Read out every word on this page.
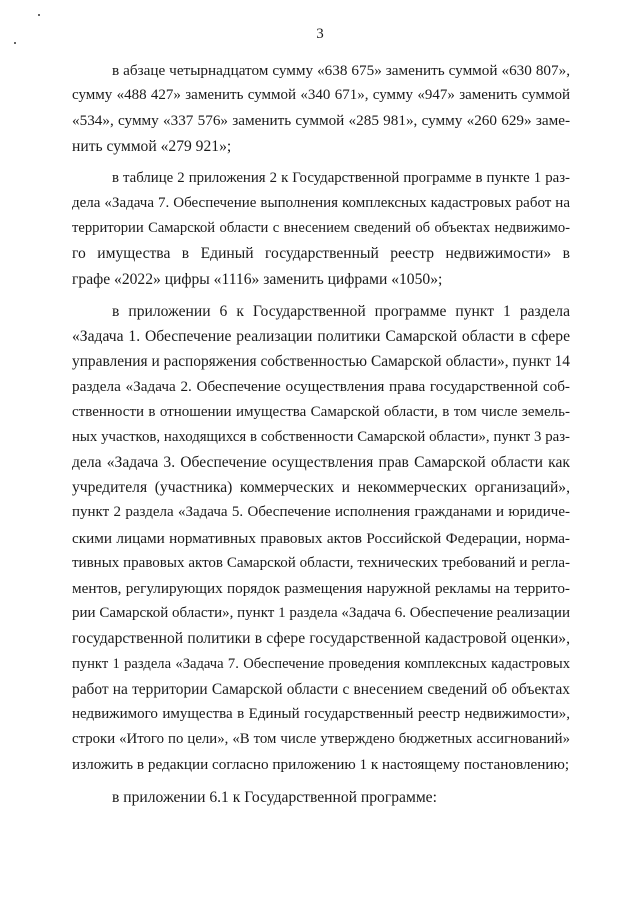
3

в абзаце четырнадцатом сумму «638 675» заменить суммой «630 807»,
сумму «488 427» заменить суммой «340 671», сумму «947» заменить суммой
«534», сумму «337 576» заменить суммой «285 981», сумму «260 629» заме-
нить суммой «279 921»;

в таблице 2 приложения 2 к Государственной программе в пункте 1 раз-
дела «Задача 7. Обеспечение выполнения комплексных кадастровых работ на
территории Самарской области с внесением сведений об объектах недвижимо-
го имущества в Единый государственный реестр недвижимости» в
графе «2022» цифры «1116» заменить цифрами «1050»;

в приложении 6 к Государственной программе пункт 1 раздела
«Задача 1. Обеспечение реализации политики Самарской области в сфере
управления и распоряжения собственностью Самарской области», пункт 14
раздела «Задача 2. Обеспечение осуществления права государственной соб-
ственности в отношении имущества Самарской области, в том числе земель-
ных участков, находящихся в собственности Самарской области», пункт 3 раз-
дела «Задача 3. Обеспечение осуществления прав Самарской области как
учредителя (участника) коммерческих и некоммерческих организаций»,
пункт 2 раздела «Задача 5. Обеспечение исполнения гражданами и юридиче-
скими лицами нормативных правовых актов Российской Федерации, норма-
тивных правовых актов Самарской области, технических требований и регла-
ментов, регулирующих порядок размещения наружной рекламы на террито-
рии Самарской области», пункт 1 раздела «Задача 6. Обеспечение реализации
государственной политики в сфере государственной кадастровой оценки»,
пункт 1 раздела «Задача 7. Обеспечение проведения комплексных кадастровых
работ на территории Самарской области с внесением сведений об объектах
недвижимого имущества в Единый государственный реестр недвижимости»,
строки «Итого по цели», «В том числе утверждено бюджетных ассигнований»
изложить в редакции согласно приложению 1 к настоящему постановлению;

в приложении 6.1 к Государственной программе:
